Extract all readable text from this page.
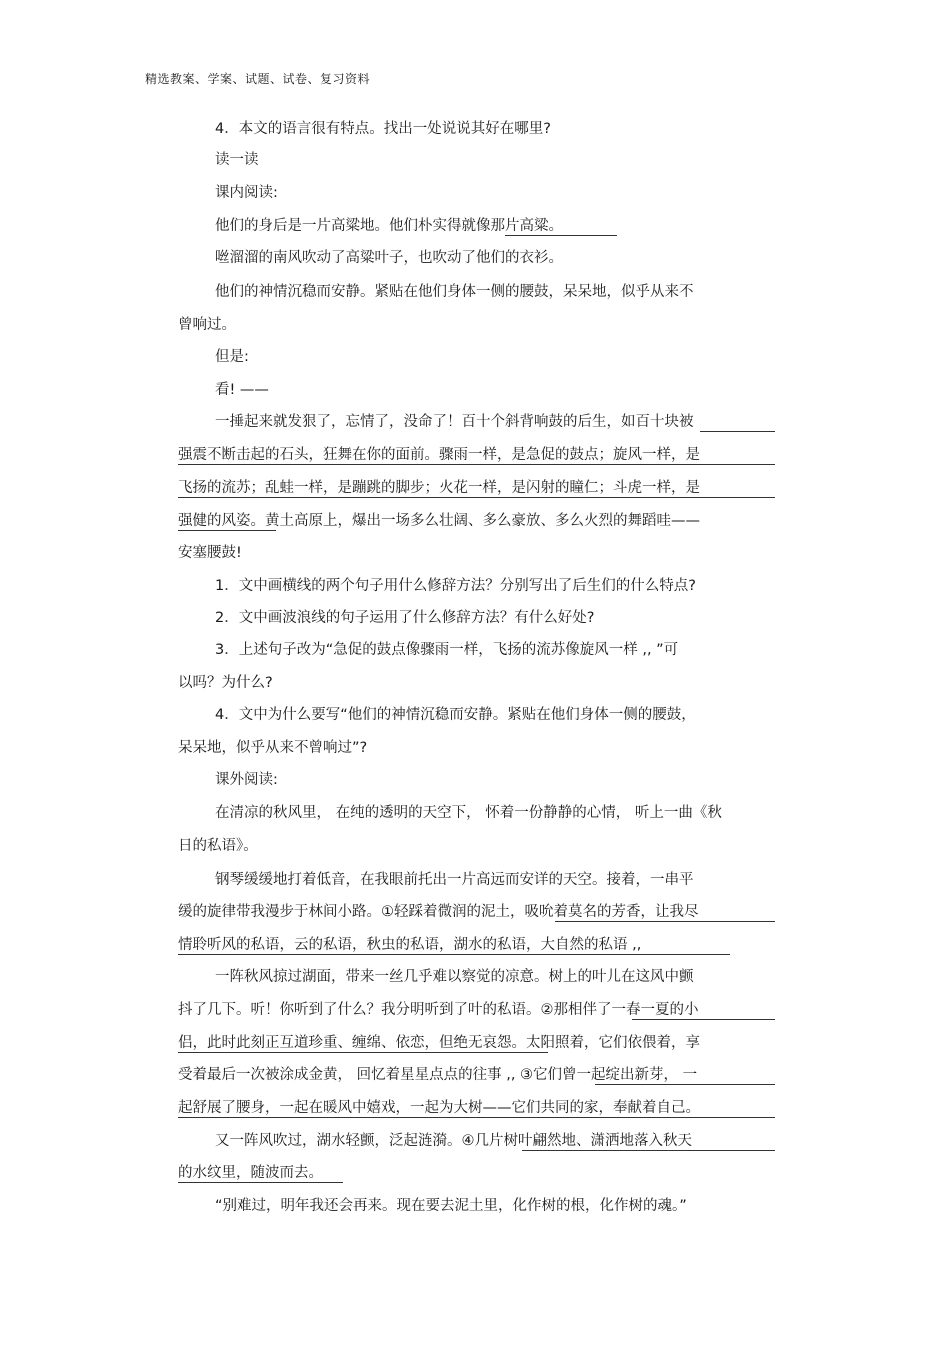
精选教案、学案、试题、试卷、复习资料
4．本文的语言很有特点。找出一处说说其好在哪里?
读一读
课内阅读:
他们的身后是一片高粱地。他们朴实得就像那片高粱。
咝溜溜的南风吹动了高粱叶子，也吹动了他们的衣衫。
他们的神情沉稳而安静。紧贴在他们身体一侧的腰鼓，呆呆地，似乎从来不
曾响过。
但是:
看! ——
一捶起来就发狠了，忘情了，没命了！百十个斜背响鼓的后生，如百十块被
强震不断击起的石头，狂舞在你的面前。骤雨一样，是急促的鼓点；旋风一样，是
飞扬的流苏；乱蛙一样，是蹦跳的脚步；火花一样，是闪射的瞳仁；斗虎一样，是
强健的风姿。黄土高原上，爆出一场多么壮阔、多么豪放、多么火烈的舞蹈哇——
安塞腰鼓!
1．文中画横线的两个句子用什么修辞方法？分别写出了后生们的什么特点?
2．文中画波浪线的句子运用了什么修辞方法？有什么好处?
3．上述句子改为“急促的鼓点像骤雨一样，飞扬的流苏像旋风一样 ,, ”可
以吗？为什么?
4．文中为什么要写“他们的神情沉稳而安静。紧贴在他们身体一侧的腰鼓，
呆呆地，似乎从来不曾响过”?
课外阅读:
在清凉的秋风里， 在纯的透明的天空下， 怀着一份静静的心情， 听上一曲《秋
日的私语》。
钢琴缓缓地打着低音，在我眼前托出一片高远而安详的天空。接着，一串平
缓的旋律带我漫步于林间小路。①轻踩着微润的泥土，吸吮着莫名的芳香，让我尽
情聆听风的私语，云的私语，秋虫的私语，湖水的私语，大自然的私语 ,,
一阵秋风掠过湖面，带来一丝几乎难以察觉的凉意。树上的叶儿在这风中颤
抖了几下。听！你听到了什么？我分明听到了叶的私语。②那相伴了一春一夏的小
侣，此时此刻正互道珍重、缠绵、依恋，但绝无哀怨。太阳照着，它们依偎着，享
受着最后一次被涂成金黄， 回忆着星星点点的往事 ,, ③它们曾一起绽出新芽， 一
起舒展了腰身，一起在暖风中嬉戏，一起为大树——它们共同的家，奉献着自己。
又一阵风吹过，湖水轻颤，泛起涟漪。④几片树叶翩然地、潇洒地落入秋天
的水纹里，随波而去。
“别难过，明年我还会再来。现在要去泥土里，化作树的根，化作树的魂。”
